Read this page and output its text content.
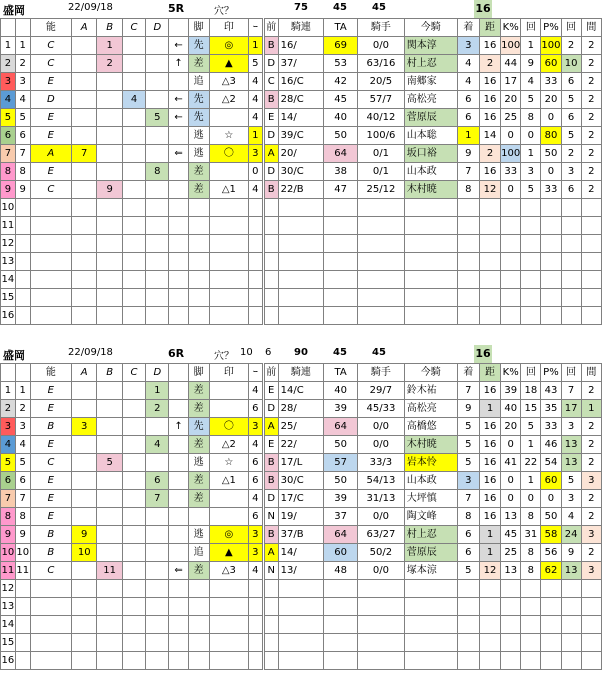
盛岡	22/09/18	5R	穴？	75	45	45	16
		能	A	B	C	D		脚	印	ｰ	前	騎連	TA	騎手	今騎	着	距	K%	回	P%	回	間
1	1	C		1			←	先	◎	1	B	16/	69	0/0	関本淳	3	16	100	1	100	2	2
2	2	C		2			↑	差	▲	5	D	37/	53	63/16	村上忍	4	2	44	9	60	10	2
3	3	E						追	△3	4	C	16/C	42	20/5	南郷家	4	16	17	4	33	6	2
4	4	D			4		←	先	△2	4	B	28/C	45	57/7	高松亮	6	16	20	5	20	5	2
5	5	E				5	←	先		4	E	14/	40	40/12	菅原辰	6	16	25	8	0	6	2
6	6	E						逃	☆	1	D	39/C	50	100/6	山本聡	1	14	0	0	80	5	2
7	7	A	7				⇐	逃	〇	3	A	20/	64	0/1	坂口裕	9	2	100	1	50	2	2
8	8	E				8		差		0	D	30/C	38	0/1	山本政	7	16	33	3	0	3	2
9	9	C		9				差	△1	4	B	22/B	47	25/12	木村暁	8	12	0	5	33	6	2
10																						
11																						
12																						
13																						
14																						
15																						
16																						
盛岡	22/09/18	6R	穴？ 10 6 90	45	45	16
		能	A	B	C	D		脚	印	ｰ	前	騎連	TA	騎手	今騎	着	距	K%	回	P%	回	間
1	1	E				1		差		4	E	14/C	40	29/7	鈴木祐	7	16	39	18	43	7	2
2	2	E				2		差		6	D	28/	39	45/33	高松亮	9	1	40	15	35	17	1
3	3	B	3				↑	先	〇	3	A	25/	64	0/0	高橋悠	5	16	20	5	33	3	2
4	4	E				4		差	△2	4	E	22/	50	0/0	木村暁	5	16	0	1	46	13	2
5	5	C		5				逃	☆	6	B	17/L	57	33/3	岩本怜	5	16	41	22	54	13	2
6	6	E				6		差	△1	6	B	30/C	50	54/13	山本政	3	16	0	1	60	5	3
7	7	E				7		差		4	D	17/C	39	31/13	大坪慎	7	16	0	0	0	3	2
8	8	E								6	N	19/	37	0/0	陶文峰	8	16	13	8	50	4	2
9	9	B	9					逃	◎	3	B	37/B	64	63/27	村上忍	6	1	45	31	58	24	3
10	10	B	10					追	▲	3	A	14/	60	50/2	菅原辰	6	1	25	8	56	9	2
11	11	C		11			⇐	差	△3	4	N	13/	48	0/0	塚本涼	5	12	13	8	62	13	3
12																						
13																						
14																						
15																						
16																						
